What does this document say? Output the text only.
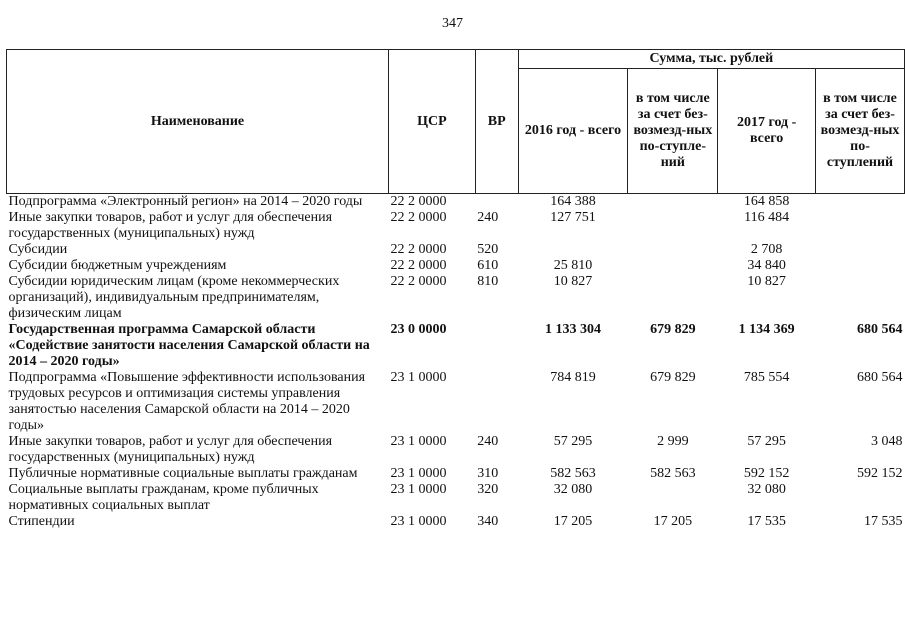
347
Наименование	ЦСР	ВР	Сумма, тыс. рублей			
			2016 год - всего	в том числе за счет без-возмезд-ных по-ступле-ний	2017 год - всего	в том числе за счет без-возмезд-ных по-ступлений
Подпрограмма «Электронный регион» на 2014 – 2020 годы	22 2 0000		164 388		164 858	
Иные закупки товаров, работ и услуг для обеспечения государственных (муниципальных) нужд	22 2 0000	240	127 751		116 484	
Субсидии	22 2 0000	520			2 708	
Субсидии бюджетным учреждениям	22 2 0000	610	25 810		34 840	
Субсидии юридическим лицам (кроме некоммерческих организаций), индивидуальным предпринимателям, физическим лицам	22 2 0000	810	10 827		10 827	
Государственная программа Самарской области «Содействие занятости населения Самарской области на 2014 – 2020 годы»	23 0 0000		1 133 304	679 829	1 134 369	680 564
Подпрограмма «Повышение эффективности использования трудовых ресурсов и оптимизация системы управления занятостью населения Самарской области на 2014 – 2020 годы»	23 1 0000		784 819	679 829	785 554	680 564
Иные закупки товаров, работ и услуг для обеспечения государственных (муниципальных) нужд	23 1 0000	240	57 295	2 999	57 295	3 048
Публичные нормативные социальные выплаты гражданам	23 1 0000	310	582 563	582 563	592 152	592 152
Социальные выплаты гражданам, кроме публичных нормативных социальных выплат	23 1 0000	320	32 080		32 080	
Стипендии	23 1 0000	340	17 205	17 205	17 535	17 535
